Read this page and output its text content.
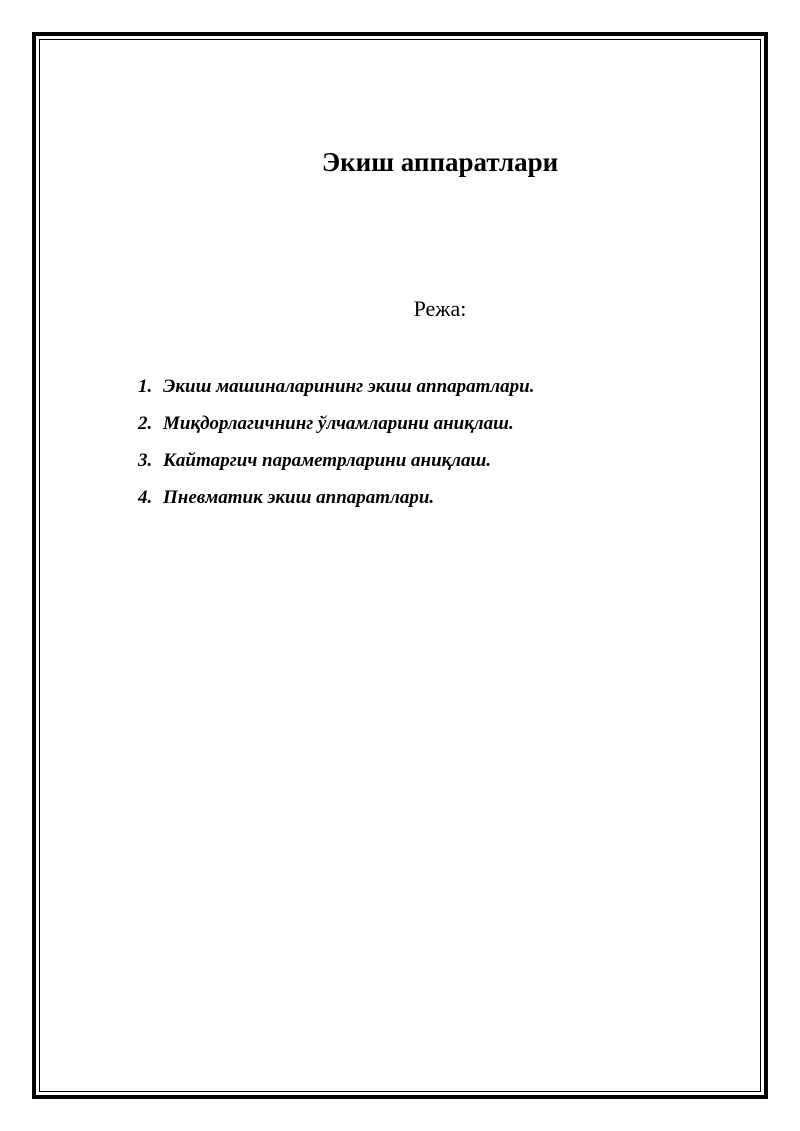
Экиш аппаратлари
Режа:
1. Экиш машиналарининг экиш аппаратлари.
2. Миқдорлагичнинг ўлчамларини аниқлаш.
3. Кайтаргич параметрларини аниқлаш.
4. Пневматик экиш аппаратлари.
